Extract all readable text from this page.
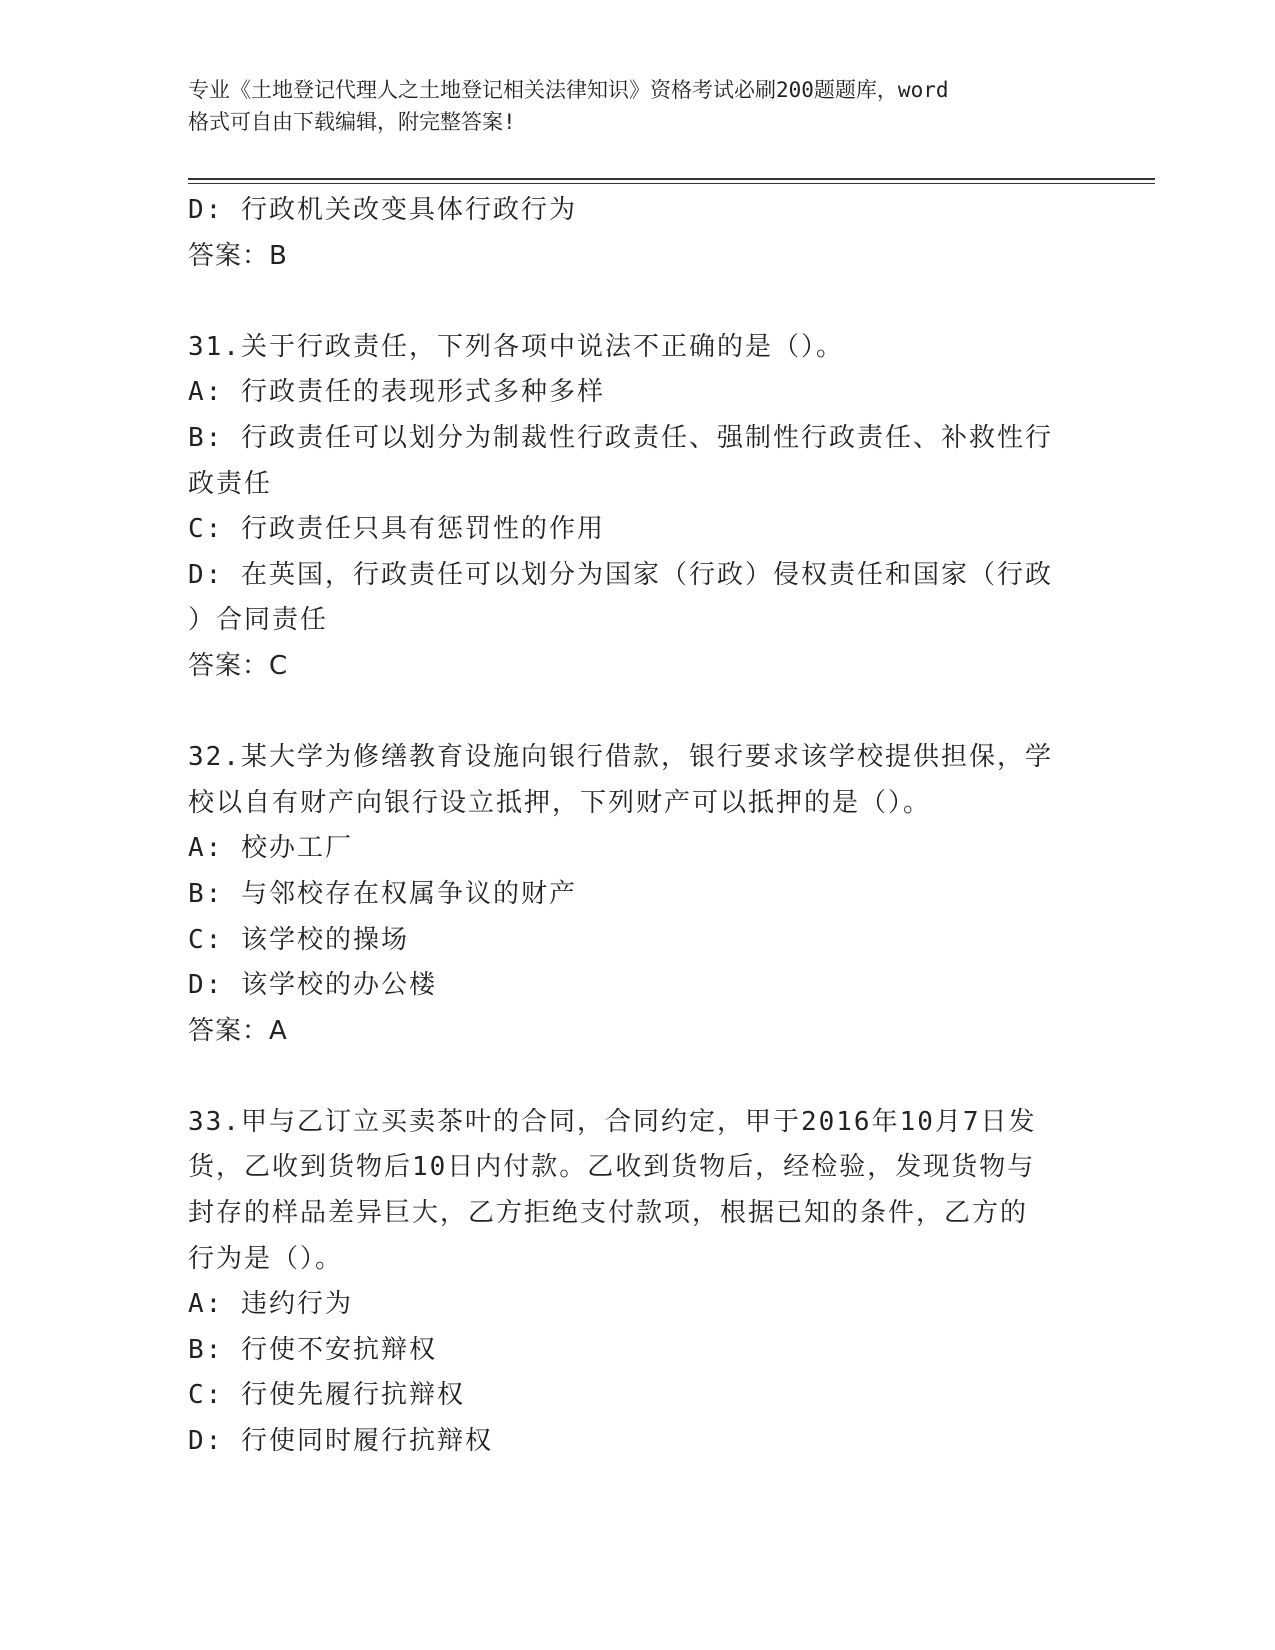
专业《土地登记代理人之土地登记相关法律知识》资格考试必刷200题题库，word
格式可自由下载编辑，附完整答案!
D: 行政机关改变具体行政行为
答案：B
31.关于行政责任，下列各项中说法不正确的是（）。
A: 行政责任的表现形式多种多样
B: 行政责任可以划分为制裁性行政责任、强制性行政责任、补救性行
政责任
C: 行政责任只具有惩罚性的作用
D: 在英国，行政责任可以划分为国家（行政）侵权责任和国家（行政
）合同责任
答案：C
32.某大学为修缮教育设施向银行借款，银行要求该学校提供担保，学
校以自有财产向银行设立抵押，下列财产可以抵押的是（）。
A: 校办工厂
B: 与邻校存在权属争议的财产
C: 该学校的操场
D: 该学校的办公楼
答案：A
33.甲与乙订立买卖茶叶的合同，合同约定，甲于2016年10月7日发
货，乙收到货物后10日内付款。乙收到货物后，经检验，发现货物与
封存的样品差异巨大，乙方拒绝支付款项，根据已知的条件，乙方的
行为是（）。
A: 违约行为
B: 行使不安抗辩权
C: 行使先履行抗辩权
D: 行使同时履行抗辩权
